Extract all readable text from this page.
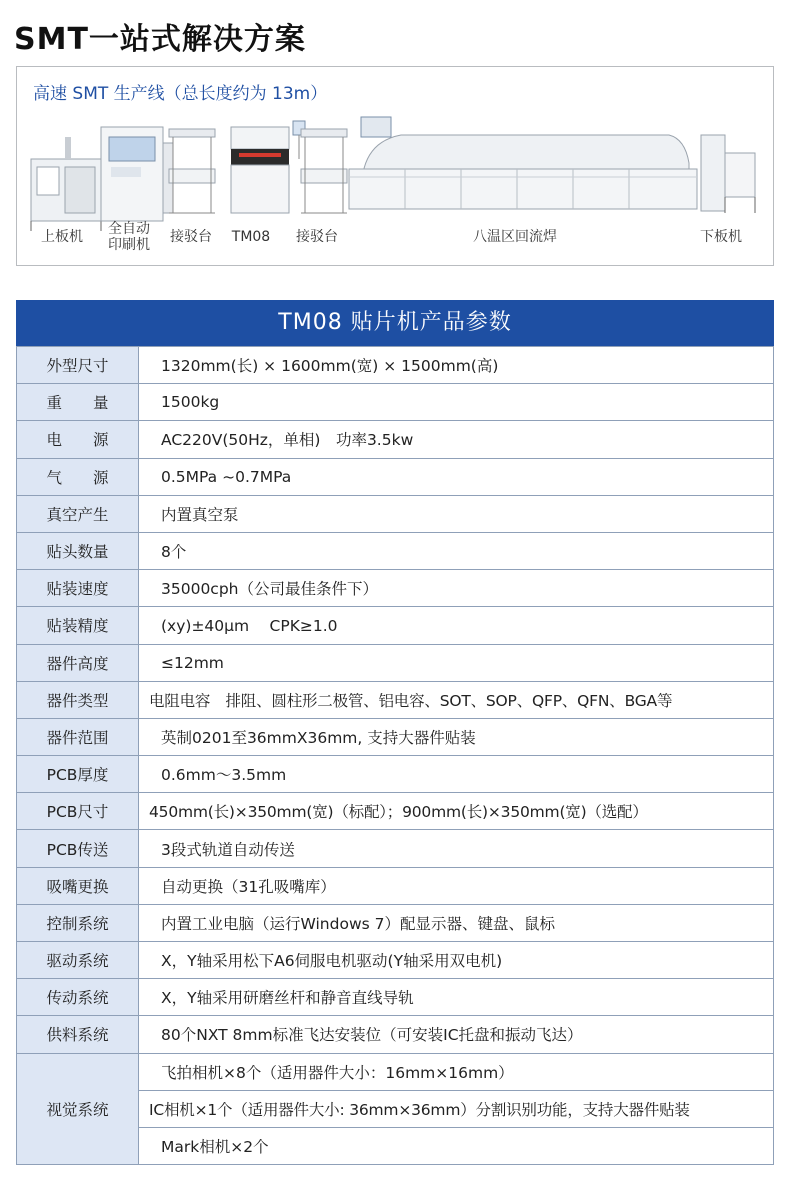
SMT一站式解决方案
高速 SMT 生产线（总长度约为 13m）
上板机	全自动
印刷机	接驳台	TM08	接驳台	八温区回流焊	下板机
TM08 贴片机产品参数
外型尺寸	1320mm(长) × 1600mm(宽) × 1500mm(高)
重　　量	1500kg
电　　源	AC220V(50Hz，单相)　功率3.5kw
气　　源	0.5MPa ~0.7MPa
真空产生	内置真空泵
贴头数量	8个
贴装速度	35000cph（公司最佳条件下）
贴装精度	(xy)±40μm　 CPK≥1.0
器件高度	≤12mm
器件类型	电阻电容　排阻、圆柱形二极管、铝电容、SOT、SOP、QFP、QFN、BGA等
器件范围	英制0201至36mmX36mm, 支持大器件贴装
PCB厚度	0.6mm～3.5mm
PCB尺寸	450mm(长)×350mm(宽)（标配）；900mm(长)×350mm(宽)（选配）
PCB传送	3段式轨道自动传送
吸嘴更换	自动更换（31孔吸嘴库）
控制系统	内置工业电脑（运行Windows 7）配显示器、键盘、鼠标
驱动系统	X，Y轴采用松下A6伺服电机驱动(Y轴采用双电机)
传动系统	X，Y轴采用研磨丝杆和静音直线导轨
供料系统	80个NXT 8mm标准飞达安装位（可安装IC托盘和振动飞达）
视觉系统	飞拍相机×8个（适用器件大小：16mm×16mm）
	IC相机×1个（适用器件大小: 36mm×36mm）分割识别功能，支持大器件贴装
	Mark相机×2个
